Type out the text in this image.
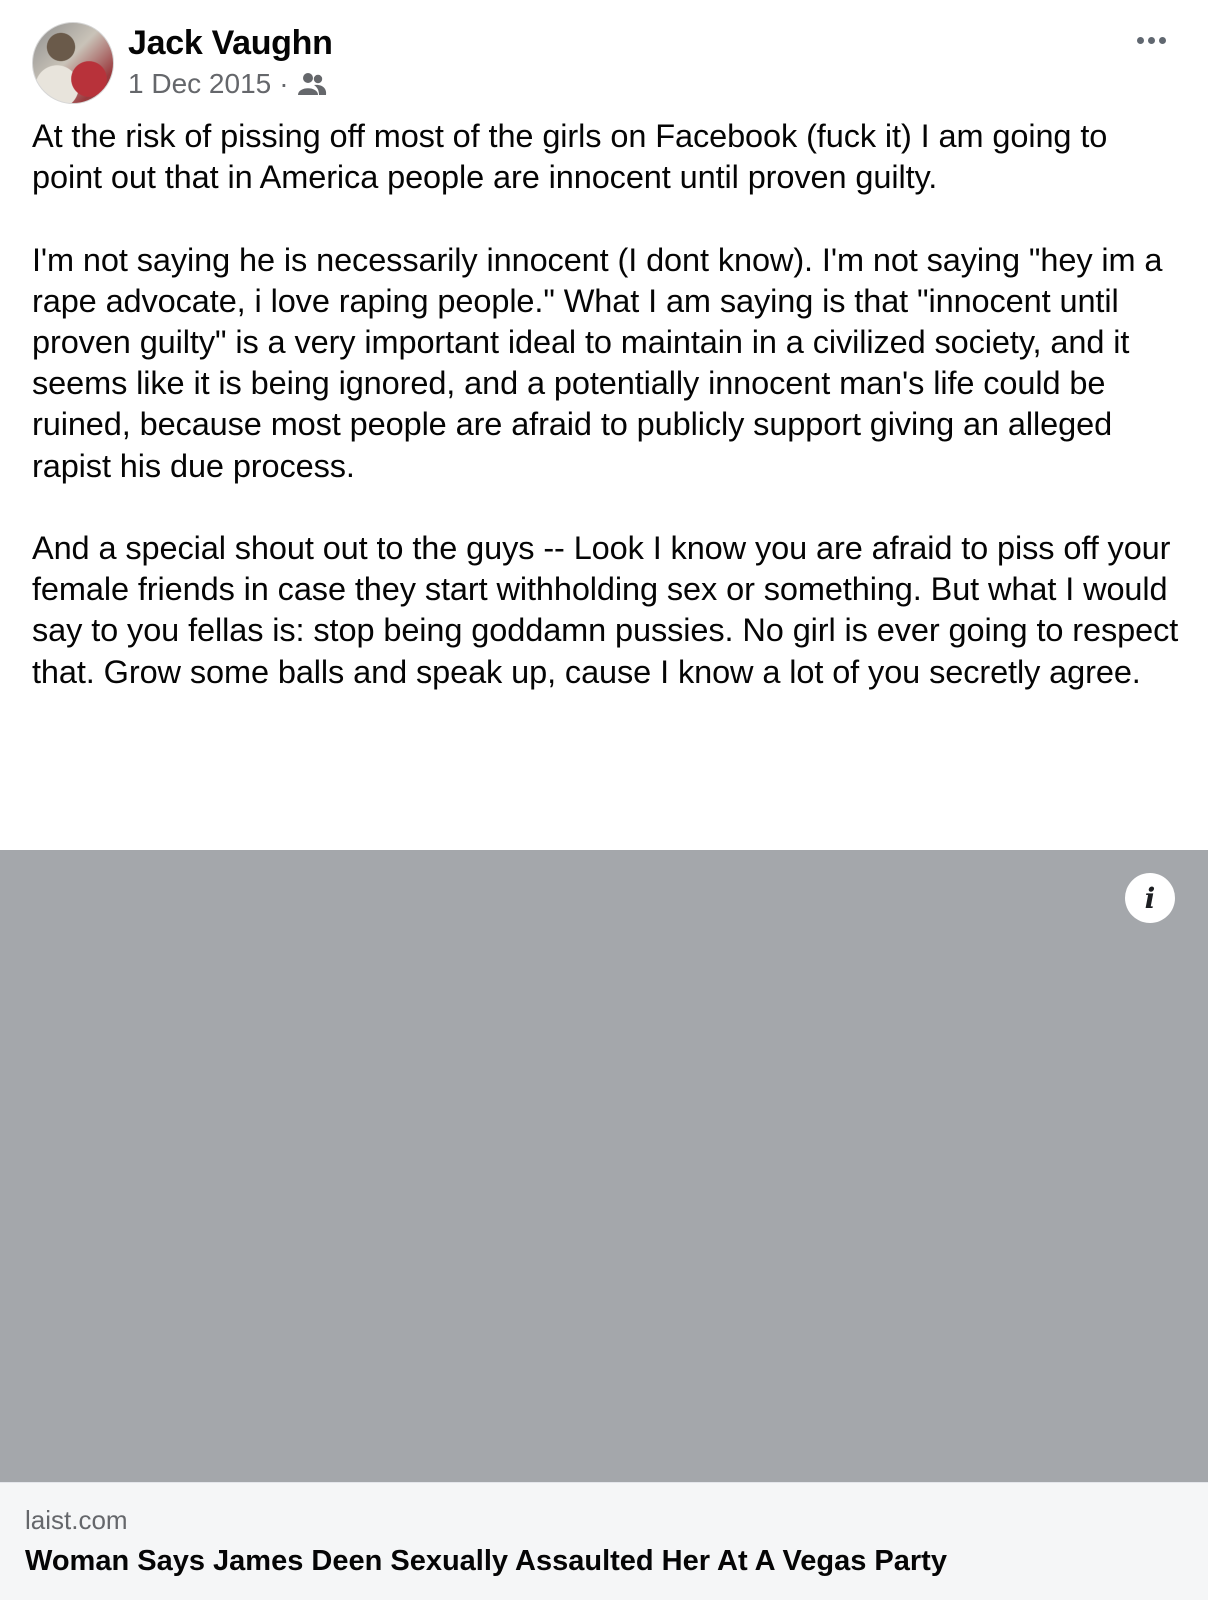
Jack Vaughn
1 Dec 2015 ·

At the risk of pissing off most of the girls on Facebook (fuck it) I am going to point out that in America people are innocent until proven guilty.

I'm not saying he is necessarily innocent (I dont know). I'm not saying "hey im a rape advocate, i love raping people." What I am saying is that "innocent until proven guilty" is a very important ideal to maintain in a civilized society, and it seems like it is being ignored, and a potentially innocent man's life could be ruined, because most people are afraid to publicly support giving an alleged rapist his due process.

And a special shout out to the guys -- Look I know you are afraid to piss off your female friends in case they start withholding sex or something. But what I would say to you fellas is: stop being goddamn pussies. No girl is ever going to respect that. Grow some balls and speak up, cause I know a lot of you secretly agree.

i
laist.com
Woman Says James Deen Sexually Assaulted Her At A Vegas Party
